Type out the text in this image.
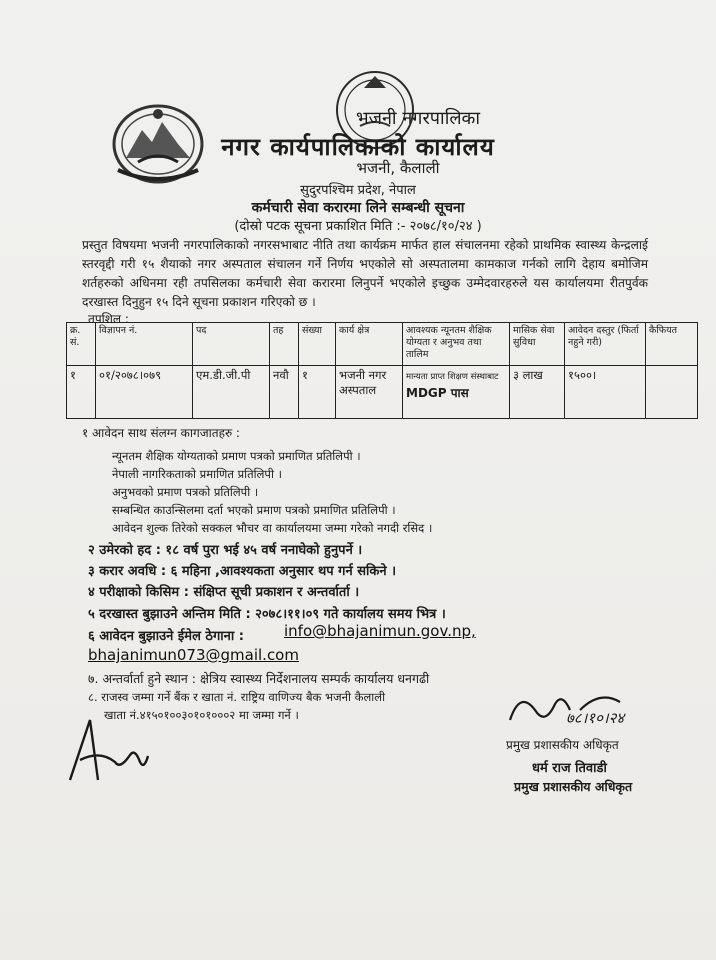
भजनी नगरपालिका
नगर कार्यपालिकाको कार्यालय
भजनी, कैलाली
सुदुरपश्चिम प्रदेश, नेपाल
कर्मचारी सेवा करारमा लिने सम्बन्धी सूचना
(दोस्रो पटक सूचना प्रकाशित मिति :- २०७८/१०/२४ )
प्रस्तुत विषयमा भजनी नगरपालिकाको नगरसभाबाट नीति तथा कार्यक्रम मार्फत हाल संचालनमा रहेको प्राथमिक स्वास्थ्य केन्द्रलाई स्तरवृद्दी गरी १५ शैयाको नगर अस्पताल संचालन गर्ने निर्णय भएकोले सो अस्पतालमा कामकाज गर्नको लागि देहाय बमोजिम शर्तहरुको अधिनमा रही तपसिलका कर्मचारी सेवा करारमा लिनुपर्ने भएकोले इच्छुक उम्मेदवारहरुले यस कार्यालयमा रीतपुर्वक दरखास्त दिनुहुन १५ दिने सूचना प्रकाशन गरिएको छ ।
तपशिल :
क्र. सं.	विज्ञापन नं.	पद	तह	संख्या	कार्य क्षेत्र	आवश्यक न्यूनतम शैक्षिक योग्यता र अनुभव तथा तालिम	मासिक सेवा सुविधा	आवेदन दस्तुर (फिर्ता नहुने गरी)	कैफियत
१	०१/२०७८।०७९	एम.डी.जी.पी	नवौ	१	भजनी नगर अस्पताल	मान्यता प्राप्त शिक्षण संस्थाबाट
MDGP पास	३ लाख	१५००।	
१ आवेदन साथ संलग्न कागजातहरु :
न्यूनतम शैक्षिक योग्यताको प्रमाण पत्रको प्रमाणित प्रतिलिपी ।
नेपाली नागरिकताको प्रमाणित प्रतिलिपी ।
अनुभवको प्रमाण पत्रको प्रतिलिपी ।
सम्बन्धित काउन्सिलमा दर्ता भएको प्रमाण पत्रको प्रमाणित प्रतिलिपी ।
आवेदन शुल्क तिरेको सक्कल भौचर वा कार्यालयमा जम्मा गरेको नगदी रसिद ।
२ उमेरको हद : १८ वर्ष पुरा भई ४५ वर्ष ननाघेको हुनुपर्ने ।
३ करार अवधि : ६ महिना ,आवश्यकता अनुसार थप गर्न सकिने ।
४ परीक्षाको किसिम : संक्षिप्त सूची प्रकाशन र अन्तर्वार्ता ।
५ दरखास्त बुझाउने अन्तिम मिति : २०७८।११।०९ गते कार्यालय समय भित्र ।
६ आवेदन बुझाउने ईमेल ठेगाना :	info@bhajanimun.gov.np,
bhajanimun073@gmail.com
७. अन्तर्वार्ता हुने स्थान : क्षेत्रिय स्वास्थ्य निर्देशनालय सम्पर्क कार्यालय धनगढी
८. राजस्व जम्मा गर्ने बैंक र खाता नं. राष्ट्रिय वाणिज्य बैक भजनी कैलाली
खाता नं.४१५०१००३०१०१०००२ मा जम्मा गर्ने ।	७८।१०।२४
प्रमुख प्रशासकीय अधिकृत
धर्म राज तिवाडी
प्रमुख प्रशासकीय अधिकृत
